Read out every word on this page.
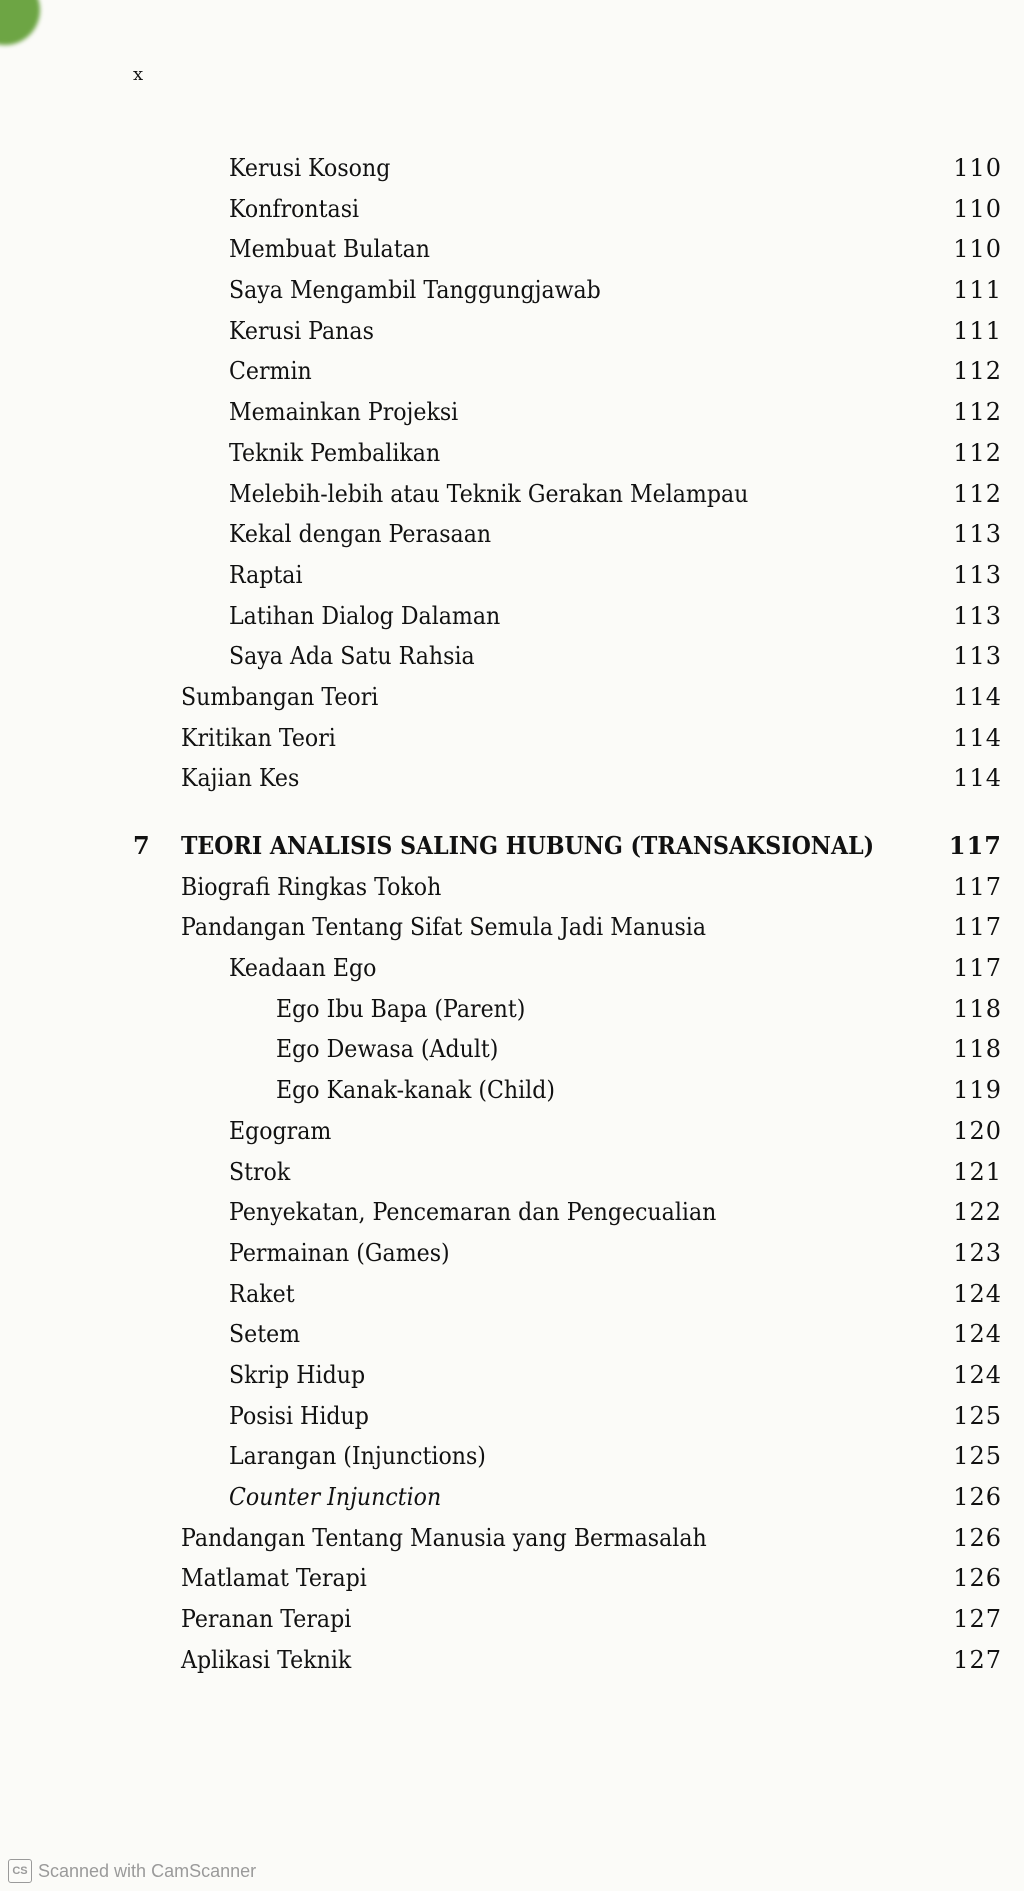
x
Kerusi Kosong	110
Konfrontasi	110
Membuat Bulatan	110
Saya Mengambil Tanggungjawab	111
Kerusi Panas	111
Cermin	112
Memainkan Projeksi	112
Teknik Pembalikan	112
Melebih-lebih atau Teknik Gerakan Melampau	112
Kekal dengan Perasaan	113
Raptai	113
Latihan Dialog Dalaman	113
Saya Ada Satu Rahsia	113
Sumbangan Teori	114
Kritikan Teori	114
Kajian Kes	114
7 TEORI ANALISIS SALING HUBUNG (TRANSAKSIONAL)	117
Biografi Ringkas Tokoh	117
Pandangan Tentang Sifat Semula Jadi Manusia	117
Keadaan Ego	117
Ego Ibu Bapa (Parent)	118
Ego Dewasa (Adult)	118
Ego Kanak-kanak (Child)	119
Egogram	120
Strok	121
Penyekatan, Pencemaran dan Pengecualian	122
Permainan (Games)	123
Raket	124
Setem	124
Skrip Hidup	124
Posisi Hidup	125
Larangan (Injunctions)	125
Counter Injunction	126
Pandangan Tentang Manusia yang Bermasalah	126
Matlamat Terapi	126
Peranan Terapi	127
Aplikasi Teknik	127
CS Scanned with CamScanner
